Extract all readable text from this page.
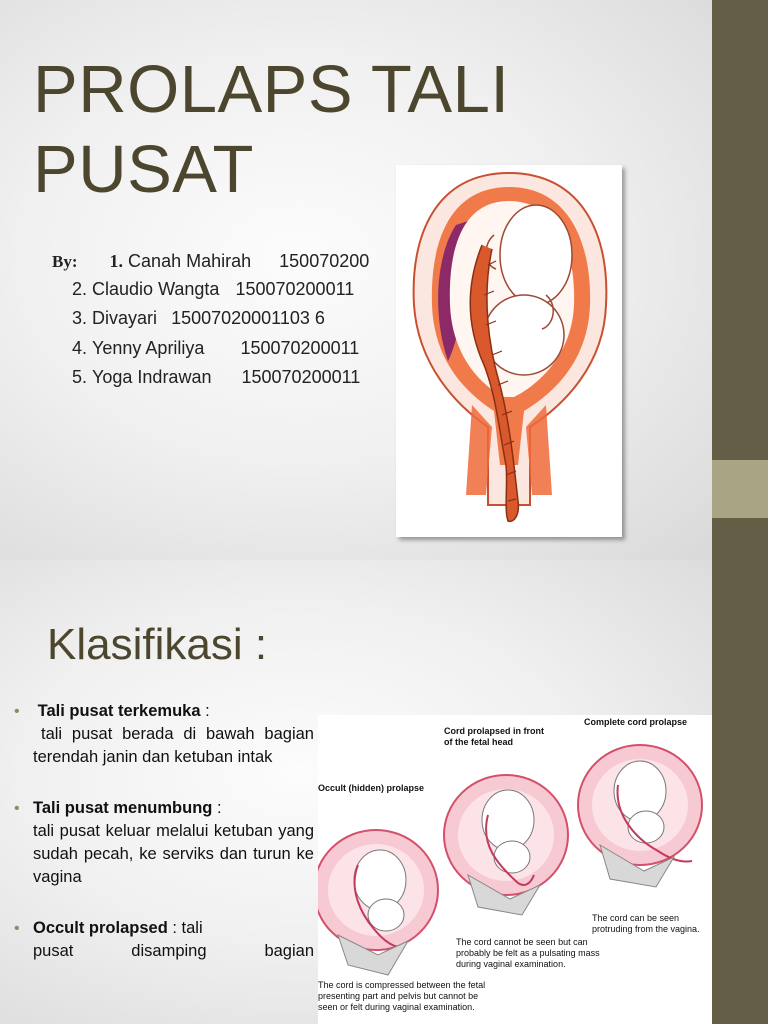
PROLAPS TALI
PUSAT
By: 1. Canah Mahirah 150070200
2. Claudio Wangta 150070200011
3. Divayari 15007020001103 6
4. Yenny Apriliya 150070200011
5. Yoga Indrawan 150070200011
Klasifikasi :
• Tali pusat terkemuka :
tali pusat berada di bawah bagian terendah janin dan ketuban intak
• Tali pusat menumbung :
tali pusat keluar melalui ketuban yang sudah pecah, ke serviks dan turun ke vagina
• Occult prolapsed : tali
pusat disamping bagian
Occult (hidden) prolapse
Cord prolapsed in front of the fetal head
Complete cord prolapse
The cord is compressed between the fetal presenting part and pelvis but cannot be seen or felt during vaginal examination.
The cord cannot be seen but can probably be felt as a pulsating mass during vaginal examination.
The cord can be seen protruding from the vagina.
